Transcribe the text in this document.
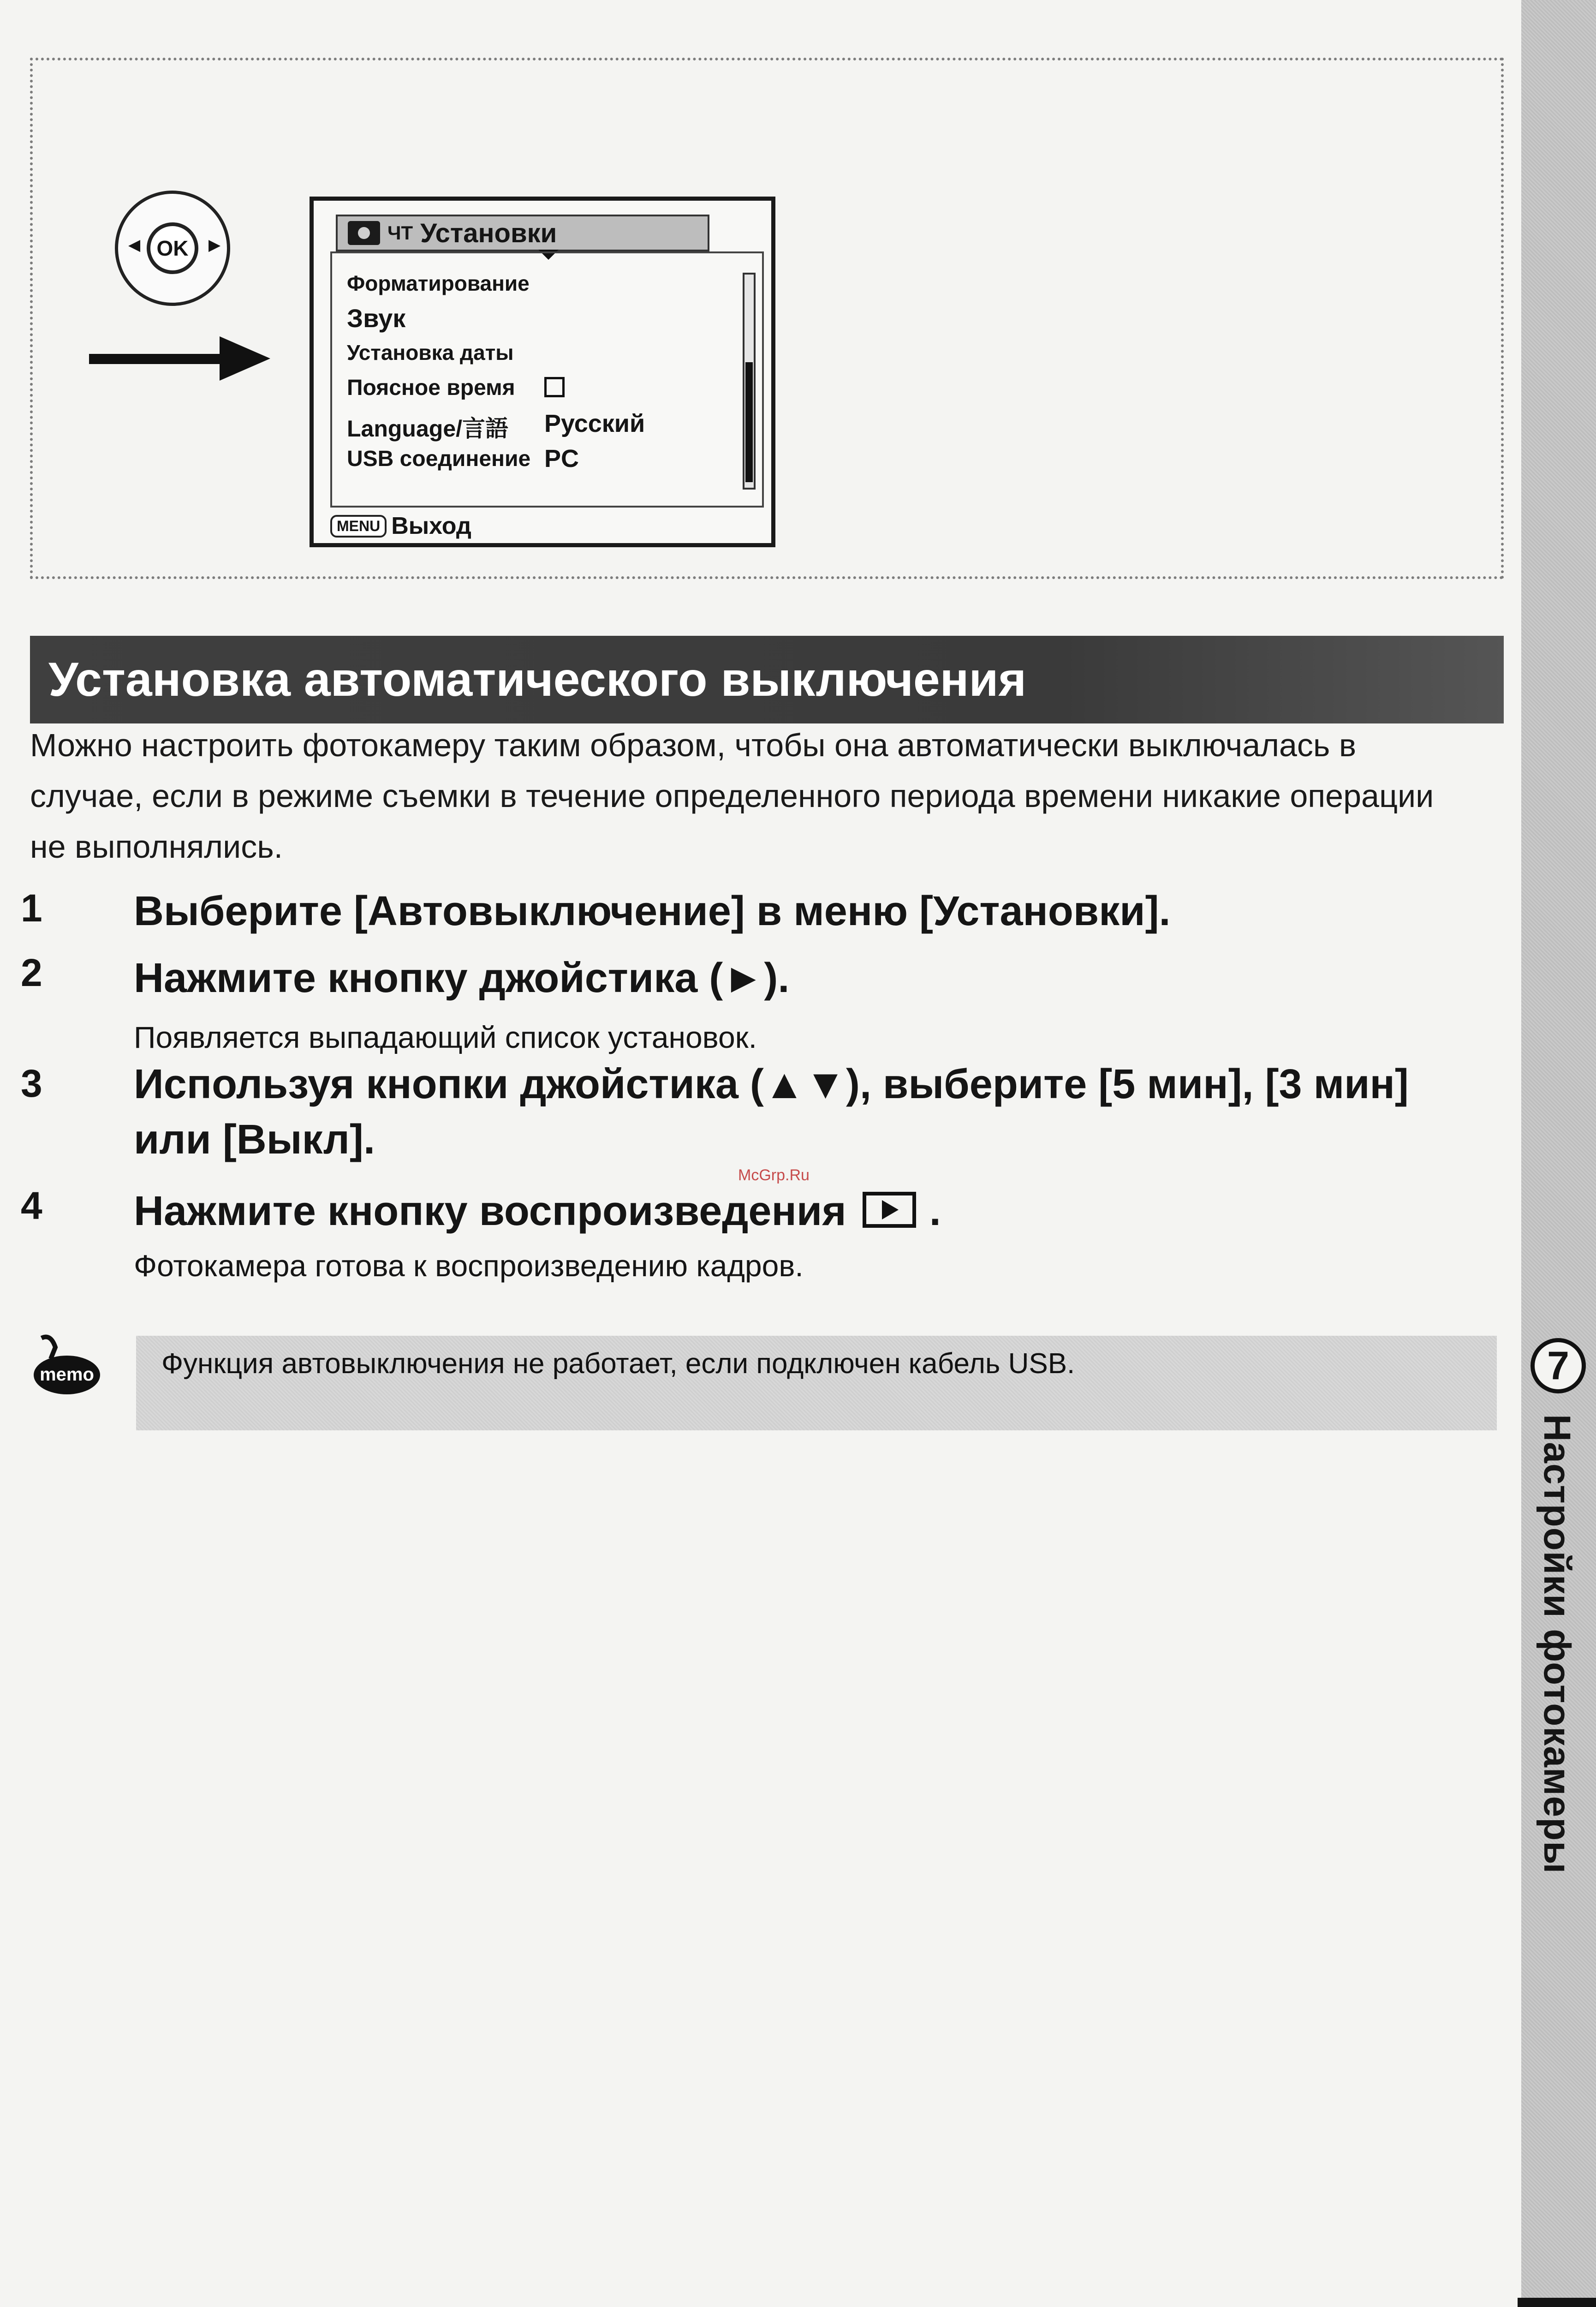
7
Настройки фотокамеры
◀	▶
OK
ЧТ Установки
Форматирование
Звук
Установка даты
Поясное время
Language/言語 Русский
USB соединение PC
MENU Выход
Установка автоматического выключения
Можно настроить фотокамеру таким образом, чтобы она автоматически выключалась в случае, если в режиме съемки в течение определенного периода времени никакие операции не выполнялись.
1 Выберите [Автовыключение] в меню [Установки].
2 Нажмите кнопку джойстика (►).
Появляется выпадающий список установок.
3 Используя кнопки джойстика (▲▼), выберите [5 мин], [3 мин] или [Выкл].
4 Нажмите кнопку воспроизведения .
Фотокамера готова к воспроизведению кадров.
memo Функция автовыключения не работает, если подключен кабель USB.
McGrp.Ru
